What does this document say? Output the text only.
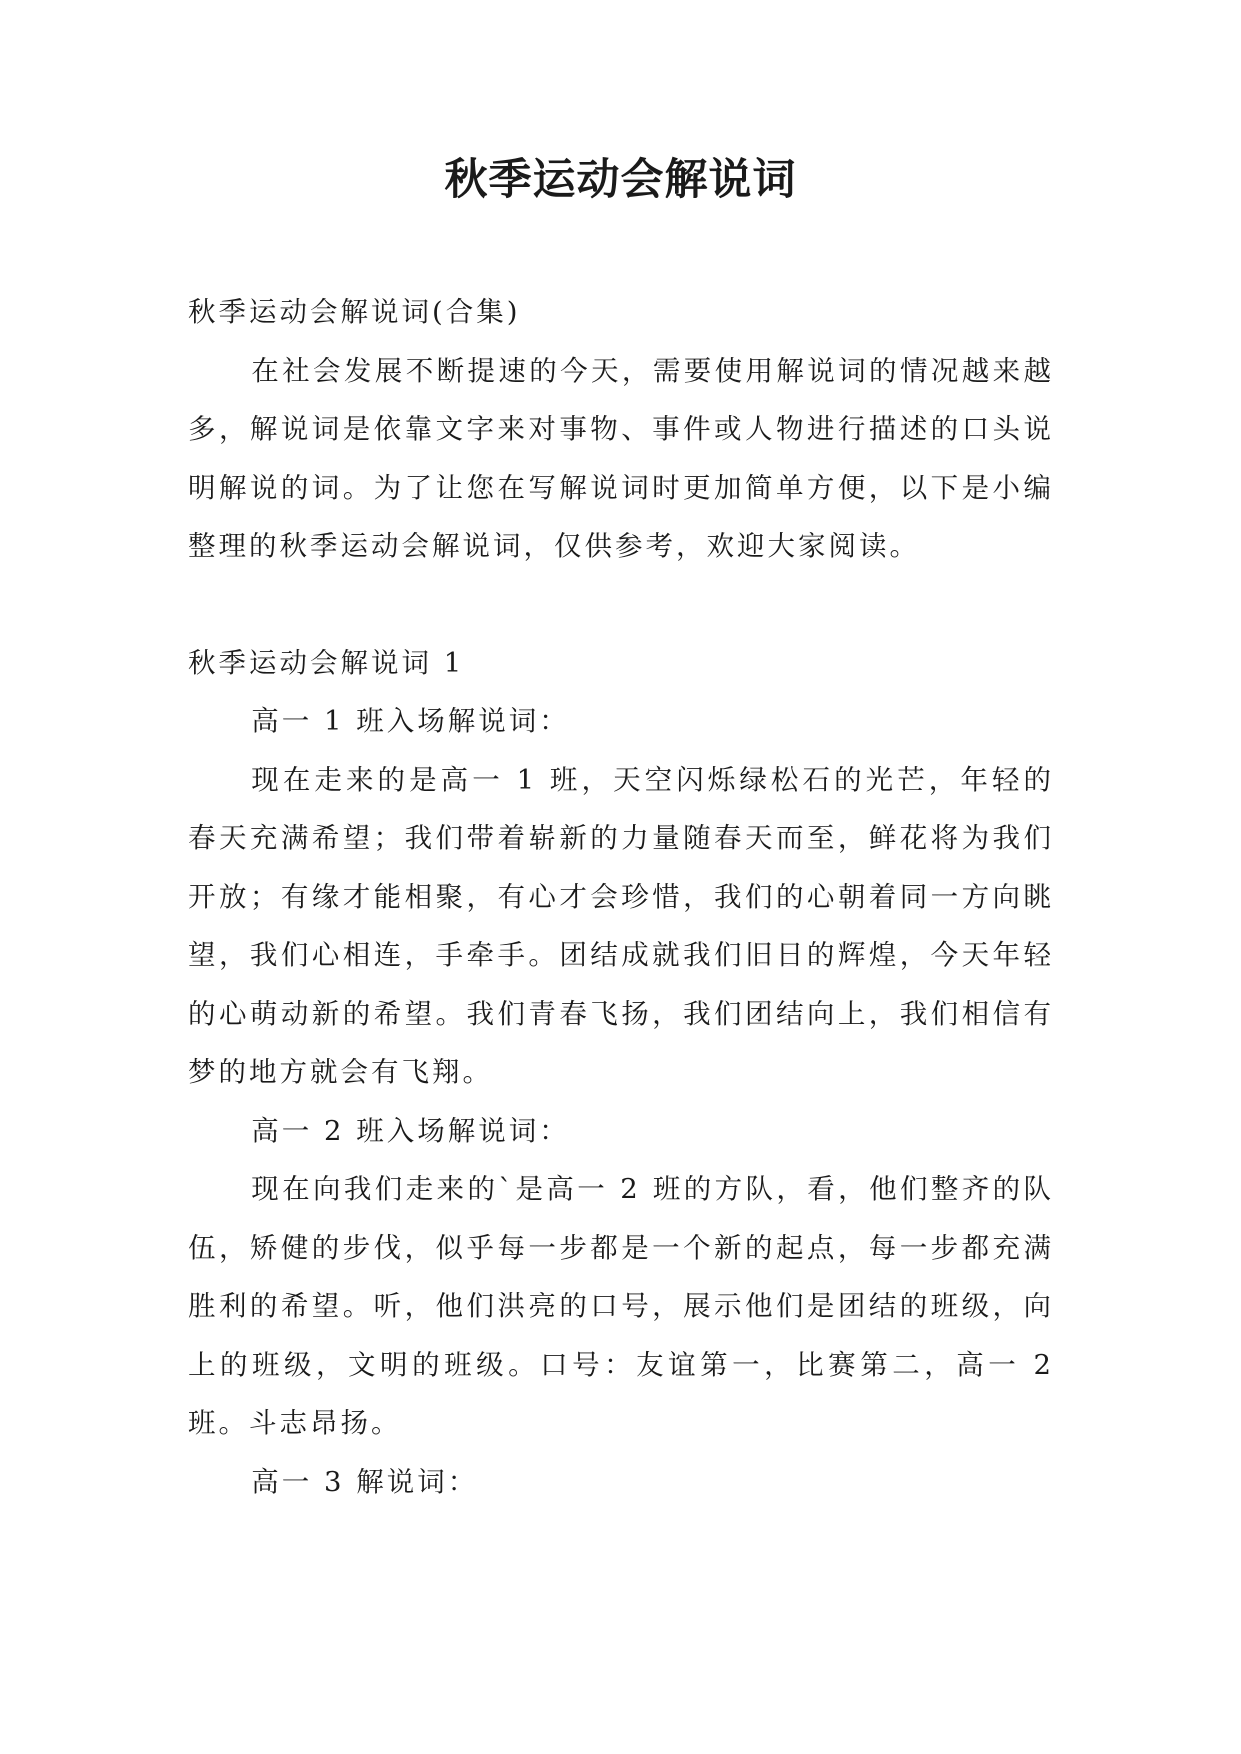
秋季运动会解说词

秋季运动会解说词(合集)

在社会发展不断提速的今天，需要使用解说词的情况越来越多，解说词是依靠文字来对事物、事件或人物进行描述的口头说明解说的词。为了让您在写解说词时更加简单方便，以下是小编整理的秋季运动会解说词，仅供参考，欢迎大家阅读。

秋季运动会解说词 1

高一 1 班入场解说词：

现在走来的是高一 1 班，天空闪烁绿松石的光芒，年轻的春天充满希望；我们带着崭新的力量随春天而至，鲜花将为我们开放；有缘才能相聚，有心才会珍惜，我们的心朝着同一方向眺望，我们心相连，手牵手。团结成就我们旧日的辉煌，今天年轻的心萌动新的希望。我们青春飞扬，我们团结向上，我们相信有梦的地方就会有飞翔。

高一 2 班入场解说词：

现在向我们走来的`是高一 2 班的方队，看，他们整齐的队伍，矫健的步伐，似乎每一步都是一个新的起点，每一步都充满胜利的希望。听，他们洪亮的口号，展示他们是团结的班级，向上的班级，文明的班级。口号：友谊第一，比赛第二，高一 2 班。斗志昂扬。

高一 3 解说词：
